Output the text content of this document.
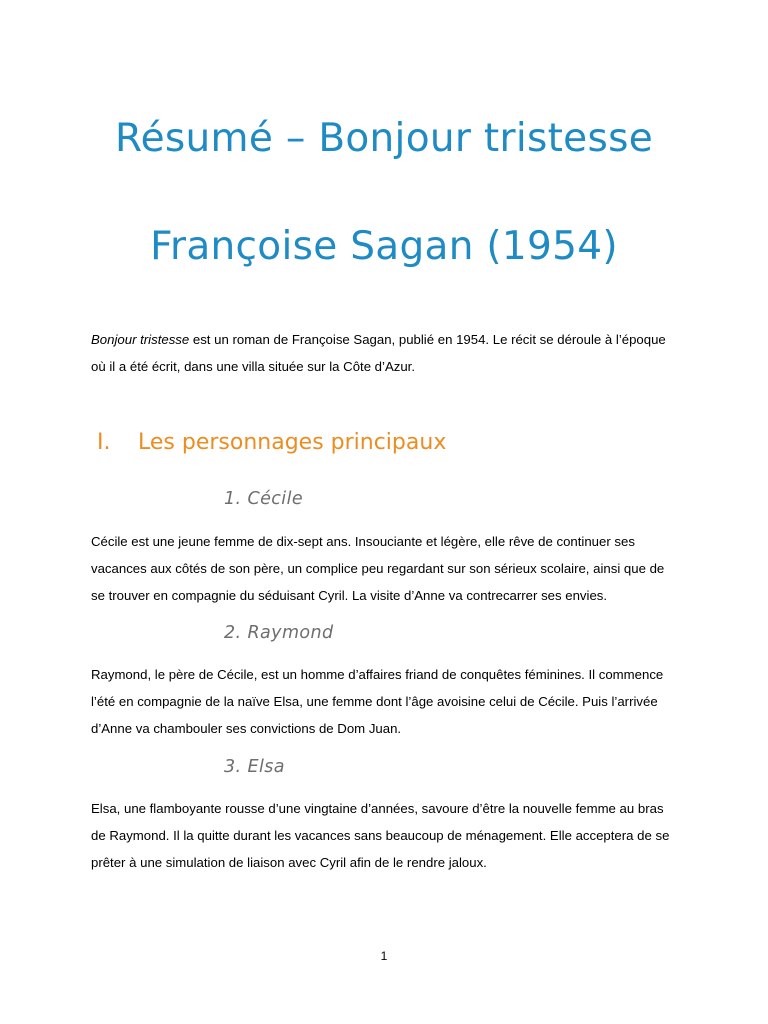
Résumé – Bonjour tristesse
Françoise Sagan (1954)

Bonjour tristesse est un roman de Françoise Sagan, publié en 1954. Le récit se déroule à l’époque où il a été écrit, dans une villa située sur la Côte d’Azur.

I.	Les personnages principaux
1. Cécile

Cécile est une jeune femme de dix-sept ans. Insouciante et légère, elle rêve de continuer ses vacances aux côtés de son père, un complice peu regardant sur son sérieux scolaire, ainsi que de se trouver en compagnie du séduisant Cyril. La visite d’Anne va contrecarrer ses envies.

2. Raymond

Raymond, le père de Cécile, est un homme d’affaires friand de conquêtes féminines. Il commence l’été en compagnie de la naïve Elsa, une femme dont l’âge avoisine celui de Cécile. Puis l’arrivée d’Anne va chambouler ses convictions de Dom Juan.

3. Elsa

Elsa, une flamboyante rousse d’une vingtaine d’années, savoure d’être la nouvelle femme au bras de Raymond. Il la quitte durant les vacances sans beaucoup de ménagement. Elle acceptera de se prêter à une simulation de liaison avec Cyril afin de le rendre jaloux.

1
